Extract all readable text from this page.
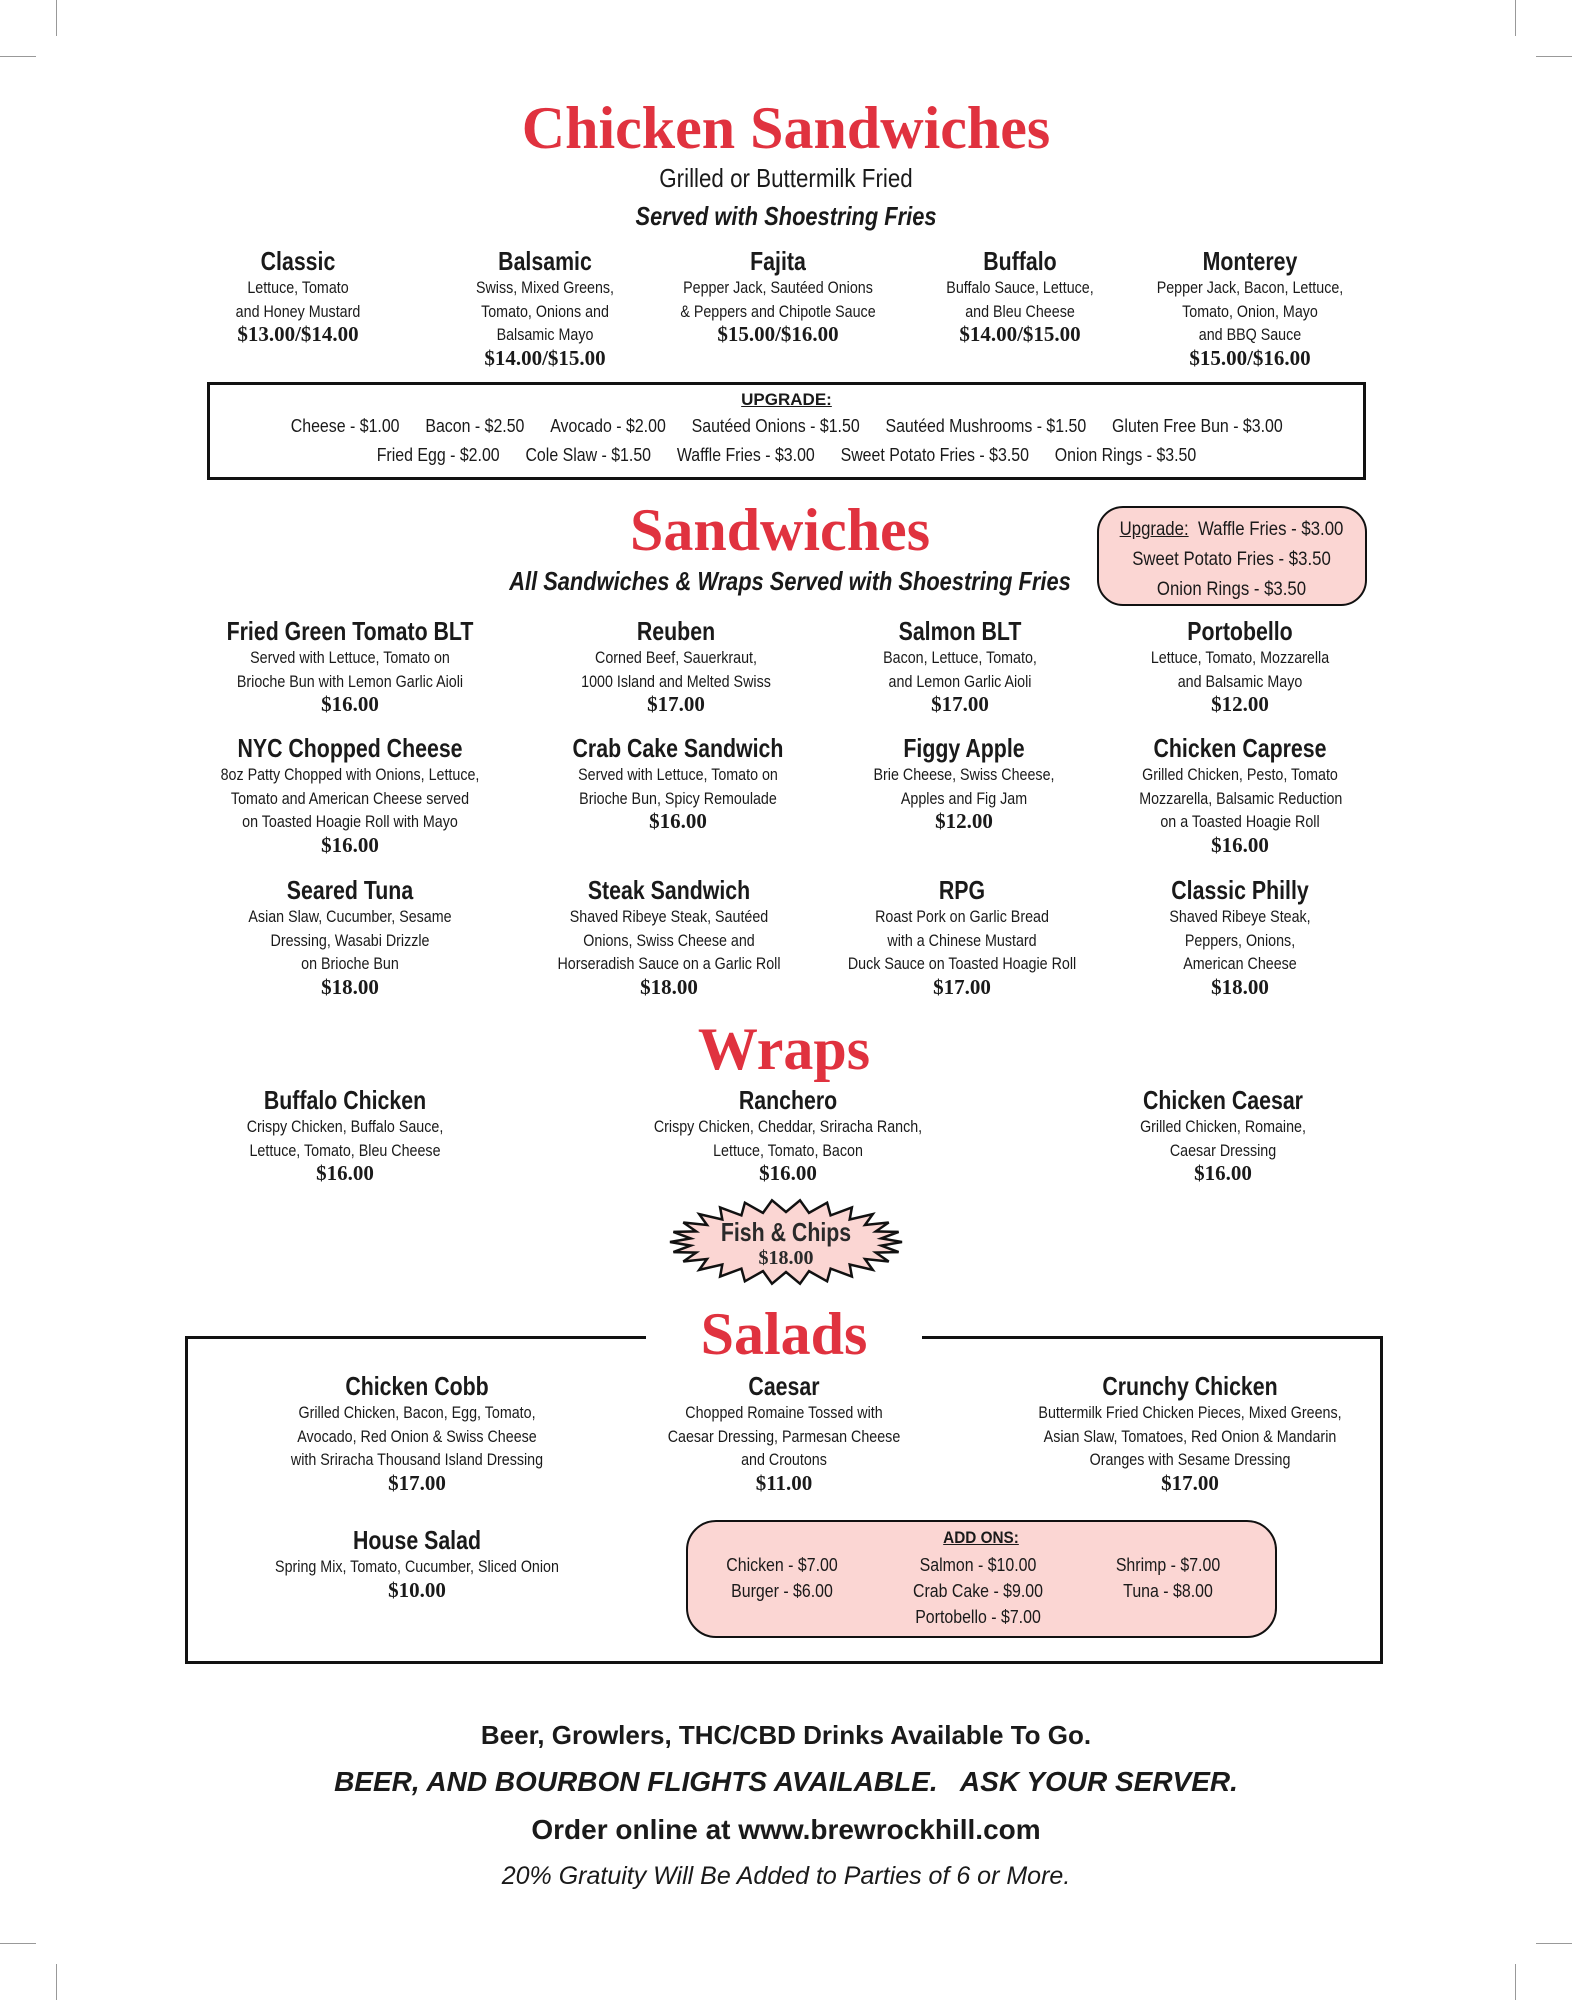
Chicken Sandwiches
Grilled or Buttermilk Fried
Served with Shoestring Fries
Classic
Lettuce, Tomato
and Honey Mustard
$13.00/$14.00
Balsamic
Swiss, Mixed Greens,
Tomato, Onions and
Balsamic Mayo
$14.00/$15.00
Fajita
Pepper Jack, Sautéed Onions
& Peppers and Chipotle Sauce
$15.00/$16.00
Buffalo
Buffalo Sauce, Lettuce,
and Bleu Cheese
$14.00/$15.00
Monterey
Pepper Jack, Bacon, Lettuce,
Tomato, Onion, Mayo
and BBQ Sauce
$15.00/$16.00
UPGRADE:
Cheese - $1.00 Bacon - $2.50 Avocado - $2.00 Sautéed Onions - $1.50 Sautéed Mushrooms - $1.50 Gluten Free Bun - $3.00
Fried Egg - $2.00 Cole Slaw - $1.50 Waffle Fries - $3.00 Sweet Potato Fries - $3.50 Onion Rings - $3.50
Sandwiches
All Sandwiches & Wraps Served with Shoestring Fries
Upgrade: Waffle Fries - $3.00
Sweet Potato Fries - $3.50
Onion Rings - $3.50
Fried Green Tomato BLT
Served with Lettuce, Tomato on
Brioche Bun with Lemon Garlic Aioli
$16.00
Reuben
Corned Beef, Sauerkraut,
1000 Island and Melted Swiss
$17.00
Salmon BLT
Bacon, Lettuce, Tomato,
and Lemon Garlic Aioli
$17.00
Portobello
Lettuce, Tomato, Mozzarella
and Balsamic Mayo
$12.00
NYC Chopped Cheese
8oz Patty Chopped with Onions, Lettuce,
Tomato and American Cheese served
on Toasted Hoagie Roll with Mayo
$16.00
Crab Cake Sandwich
Served with Lettuce, Tomato on
Brioche Bun, Spicy Remoulade
$16.00
Figgy Apple
Brie Cheese, Swiss Cheese,
Apples and Fig Jam
$12.00
Chicken Caprese
Grilled Chicken, Pesto, Tomato
Mozzarella, Balsamic Reduction
on a Toasted Hoagie Roll
$16.00
Seared Tuna
Asian Slaw, Cucumber, Sesame
Dressing, Wasabi Drizzle
on Brioche Bun
$18.00
Steak Sandwich
Shaved Ribeye Steak, Sautéed
Onions, Swiss Cheese and
Horseradish Sauce on a Garlic Roll
$18.00
RPG
Roast Pork on Garlic Bread
with a Chinese Mustard
Duck Sauce on Toasted Hoagie Roll
$17.00
Classic Philly
Shaved Ribeye Steak,
Peppers, Onions,
American Cheese
$18.00
Wraps
Buffalo Chicken
Crispy Chicken, Buffalo Sauce,
Lettuce, Tomato, Bleu Cheese
$16.00
Ranchero
Crispy Chicken, Cheddar, Sriracha Ranch,
Lettuce, Tomato, Bacon
$16.00
Chicken Caesar
Grilled Chicken, Romaine,
Caesar Dressing
$16.00
Fish & Chips
$18.00
Salads
Chicken Cobb
Grilled Chicken, Bacon, Egg, Tomato,
Avocado, Red Onion & Swiss Cheese
with Sriracha Thousand Island Dressing
$17.00
Caesar
Chopped Romaine Tossed with
Caesar Dressing, Parmesan Cheese
and Croutons
$11.00
Crunchy Chicken
Buttermilk Fried Chicken Pieces, Mixed Greens,
Asian Slaw, Tomatoes, Red Onion & Mandarin
Oranges with Sesame Dressing
$17.00
House Salad
Spring Mix, Tomato, Cucumber, Sliced Onion
$10.00
ADD ONS:
Chicken - $7.00
Burger - $6.00
Salmon - $10.00
Crab Cake - $9.00
Portobello - $7.00
Shrimp - $7.00
Tuna - $8.00
Beer, Growlers, THC/CBD Drinks Available To Go.
BEER, AND BOURBON FLIGHTS AVAILABLE.   ASK YOUR SERVER.
Order online at www.brewrockhill.com
20% Gratuity Will Be Added to Parties of 6 or More.
